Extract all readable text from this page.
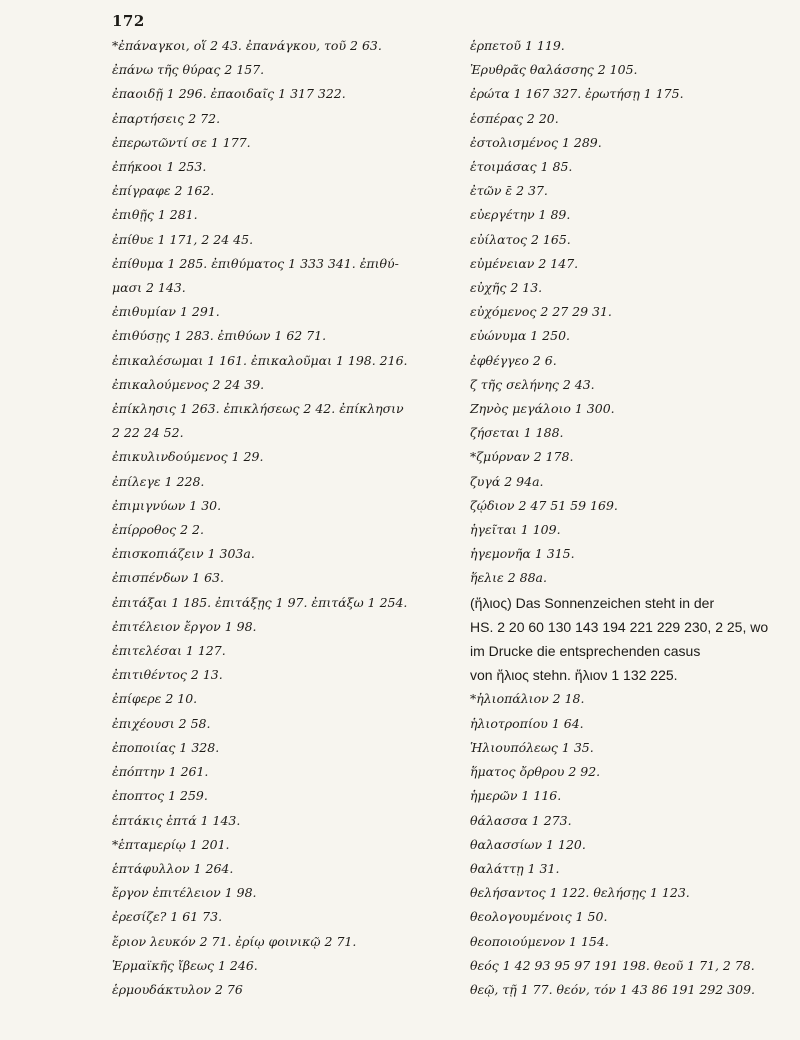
172
*ἐπάναγκοι, οἵ 2 43. ἐπανάγκου, τοῦ 2 63.
ἐπάνω τῆς θύρας 2 157.
ἐπαοιδῇ 1 296. ἐπαοιδαῖς 1 317 322.
ἐπαρτήσεις 2 72.
ἐπερωτῶντί σε 1 177.
ἐπήκοοι 1 253.
ἐπίγραφε 2 162.
ἐπιθῇς 1 281.
ἐπίθυε 1 171, 2 24 45.
ἐπίθυμα 1 285. ἐπιθύματος 1 333 341. ἐπιθύ-
μασι 2 143.
ἐπιθυμίαν 1 291.
ἐπιθύσῃς 1 283. ἐπιθύων 1 62 71.
ἐπικαλέσωμαι 1 161. ἐπικαλοῦμαι 1 198. 216.
ἐπικαλούμενος 2 24 39.
ἐπίκλησις 1 263. ἐπικλήσεως 2 42. ἐπίκλησιν
2 22 24 52.
ἐπικυλινδούμενος 1 29.
ἐπίλεγε 1 228.
ἐπιμιγνύων 1 30.
ἐπίρροθος 2 2.
ἐπισκοπιάζειν 1 303a.
ἐπισπένδων 1 63.
ἐπιτάξαι 1 185. ἐπιτάξῃς 1 97. ἐπιτάξω 1 254.
ἐπιτέλειον ἔργον 1 98.
ἐπιτελέσαι 1 127.
ἐπιτιθέντος 2 13.
ἐπίφερε 2 10.
ἐπιχέουσι 2 58.
ἐποποιίας 1 328.
ἐπόπτην 1 261.
ἐποπτος 1 259.
ἑπτάκις ἑπτά 1 143.
*ἑπταμερίῳ 1 201.
ἑπτάφυλλον 1 264.
ἔργον ἐπιτέλειον 1 98.
ἐρεσίζε? 1 61 73.
ἔριον λευκόν 2 71. ἐρίῳ φοινικῷ 2 71.
Ἑρμαϊκῆς ἴβεως 1 246.
ἑρμουδάκτυλον 2 76
ἑρπετοῦ 1 119.
Ἐρυθρᾶς θαλάσσης 2 105.
ἐρώτα 1 167 327. ἐρωτήσῃ 1 175.
ἑσπέρας 2 20.
ἐστολισμένος 1 289.
ἑτοιμάσας 1 85.
ἐτῶν ε̄ 2 37.
εὐεργέτην 1 89.
εὐίλατος 2 165.
εὐμένειαν 2 147.
εὐχῆς 2 13.
εὐχόμενος 2 27 29 31.
εὐώνυμα 1 250.
ἐφθέγγεο 2 6.
ζ τῆς σελήνης 2 43.
Ζηνὸς μεγάλοιο 1 300.
ζήσεται 1 188.
*ζμύρναν 2 178.
ζυγά 2 94a.
ζῴδιον 2 47 51 59 169.
ἡγεῖται 1 109.
ἡγεμονῆα 1 315.
ἥελιε 2 88a.
(ἥλιος) Das Sonnenzeichen steht in der
HS. 2 20 60 130 143 194 221 229 230, 2 25, wo
im Drucke die entsprechenden casus
von ἥλιος stehn. ἥλιον 1 132 225.
*ἡλιοπάλιον 2 18.
ἡλιοτροπίου 1 64.
Ἡλιουπόλεως 1 35.
ἥματος ὄρθρου 2 92.
ἡμερῶν 1 116.
θάλασσα 1 273.
θαλασσίων 1 120.
θαλάττῃ 1 31.
θελήσαντος 1 122. θελήσῃς 1 123.
θεολογουμένοις 1 50.
θεοποιούμενον 1 154.
θεός 1 42 93 95 97 191 198. θεοῦ 1 71, 2 78.
θεῷ, τῇ 1 77. θεόν, τόν 1 43 86 191 292 309.
